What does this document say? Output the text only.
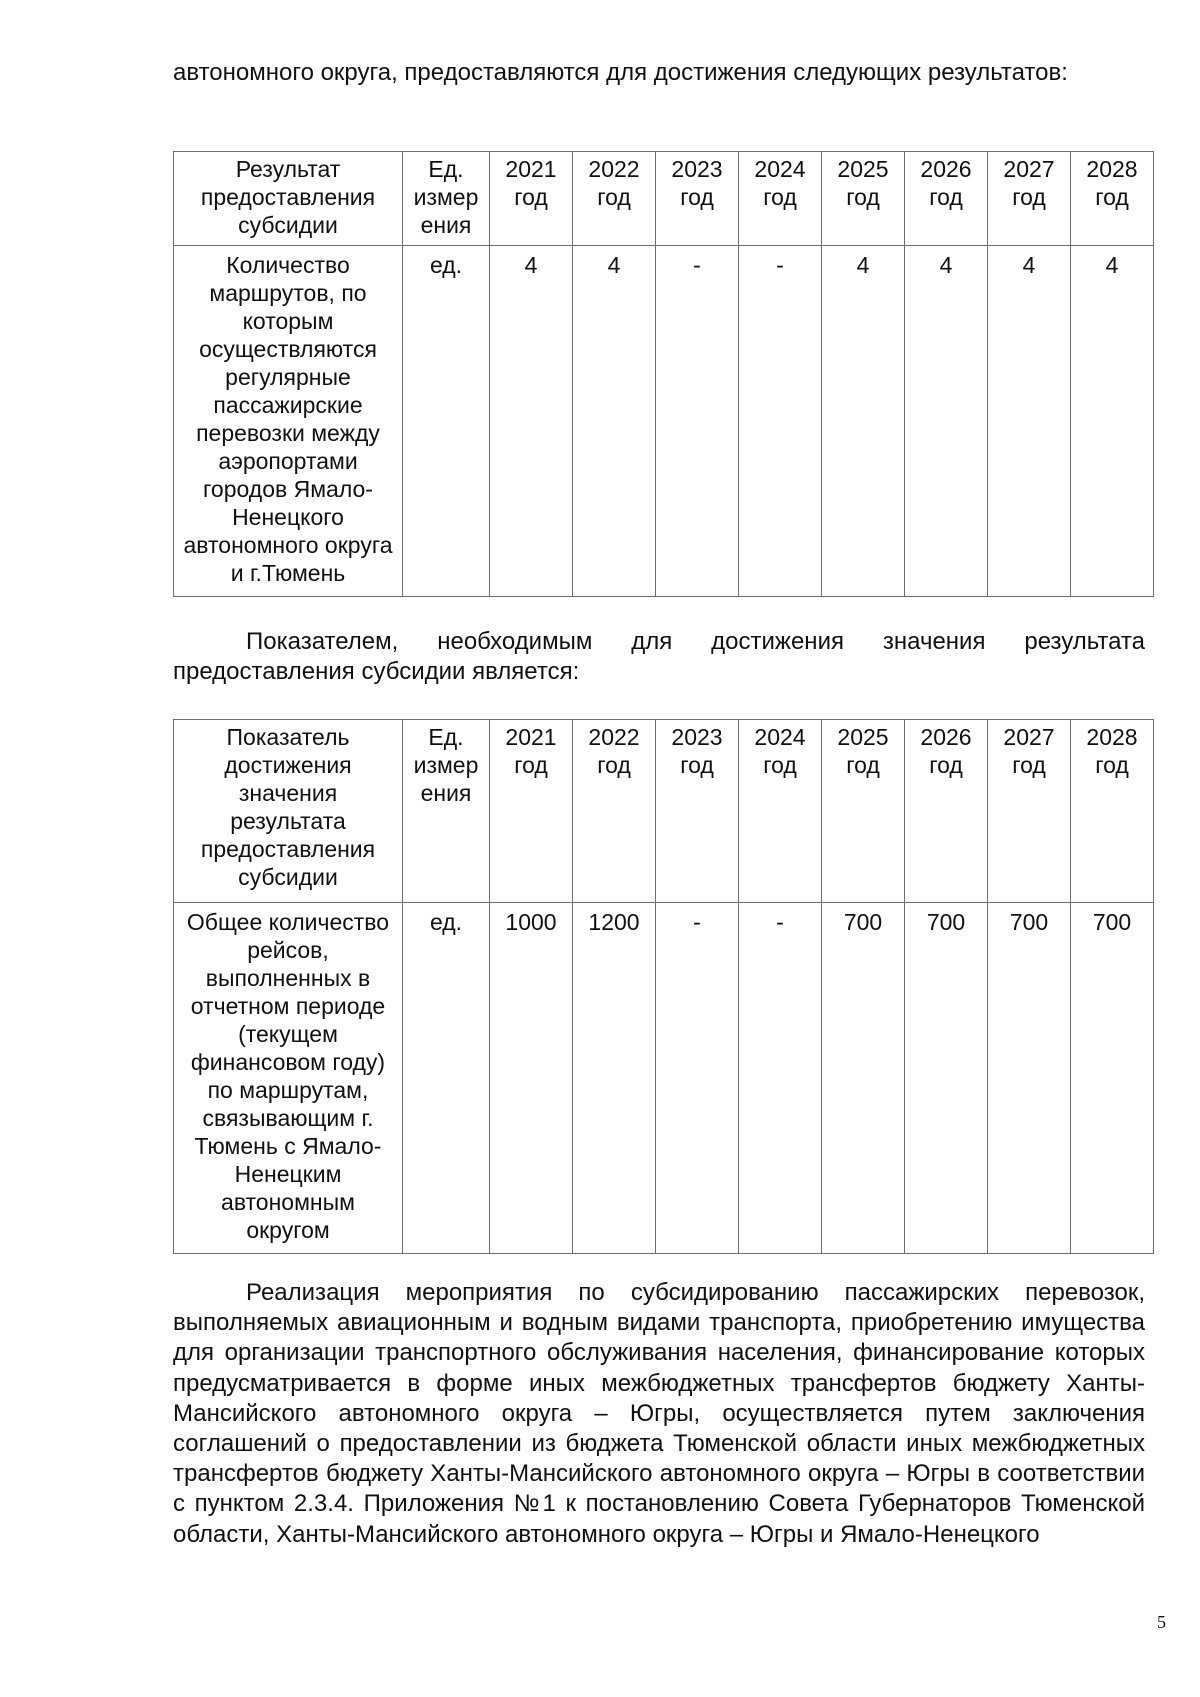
автономного округа, предоставляются для достижения следующих результатов:

Результат предоставления субсидии	Ед. измер ения	2021 год	2022 год	2023 год	2024 год	2025 год	2026 год	2027 год	2028 год
Количество маршрутов, по которым осуществляются регулярные пассажирские перевозки между аэропортами городов Ямало-Ненецкого автономного округа и г.Тюмень	ед.	4	4	-	-	4	4	4	4

Показателем, необходимым для достижения значения результата предоставления субсидии является:

Показатель достижения значения результата предоставления субсидии	Ед. измер ения	2021 год	2022 год	2023 год	2024 год	2025 год	2026 год	2027 год	2028 год
Общее количество рейсов, выполненных в отчетном периоде (текущем финансовом году) по маршрутам, связывающим г. Тюмень с Ямало-Ненецким автономным округом	ед.	1000	1200	-	-	700	700	700	700

Реализация мероприятия по субсидированию пассажирских перевозок, выполняемых авиационным и водным видами транспорта, приобретению имущества для организации транспортного обслуживания населения, финансирование которых предусматривается в форме иных межбюджетных трансфертов бюджету Ханты-Мансийского автономного округа – Югры, осуществляется путем заключения соглашений о предоставлении из бюджета Тюменской области иных межбюджетных трансфертов бюджету Ханты-Мансийского автономного округа – Югры в соответствии с пунктом 2.3.4. Приложения №1 к постановлению Совета Губернаторов Тюменской области, Ханты-Мансийского автономного округа – Югры и Ямало-Ненецкого

5
